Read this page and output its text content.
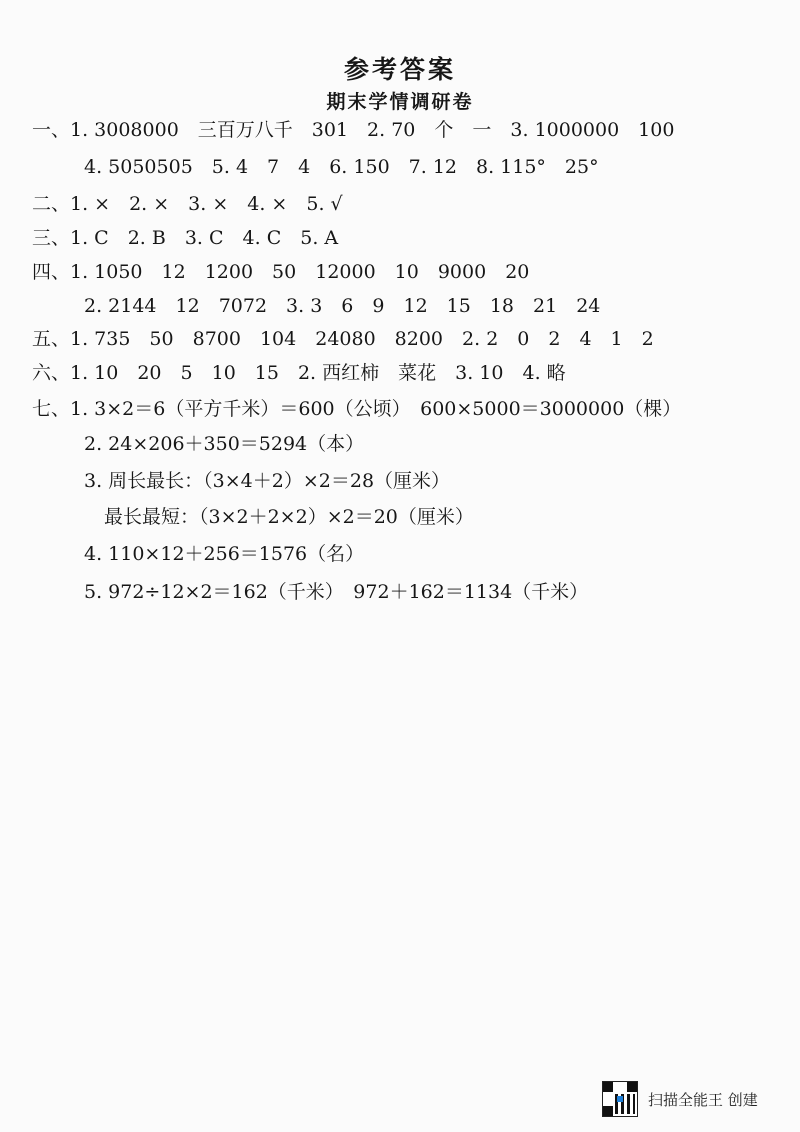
参考答案
期末学情调研卷
一、1. 3008000　三百万八千　301　2. 70　个　一　3. 1000000　100
4. 5050505　5. 4　7　4　6. 150　7. 12　8. 115°　25°
二、1. ×　2. ×　3. ×　4. ×　5. √
三、1. C　2. B　3. C　4. C　5. A
四、1. 1050　12　1200　50　12000　10　9000　20
2. 2144　12　7072　3. 3　6　9　12　15　18　21　24
五、1. 735　50　8700　104　24080　8200　2. 2　0　2　4　1　2
六、1. 10　20　5　10　15　2. 西红柿　菜花　3. 10　4. 略
七、1. 3×2＝6（平方千米）＝600（公顷）　600×5000＝3000000（棵）
2. 24×206＋350＝5294（本）
3. 周长最长：（3×4＋2）×2＝28（厘米）
最长最短：（3×2＋2×2）×2＝20（厘米）
4. 110×12＋256＝1576（名）
5. 972÷12×2＝162（千米）　972＋162＝1134（千米）
扫描全能王 创建
